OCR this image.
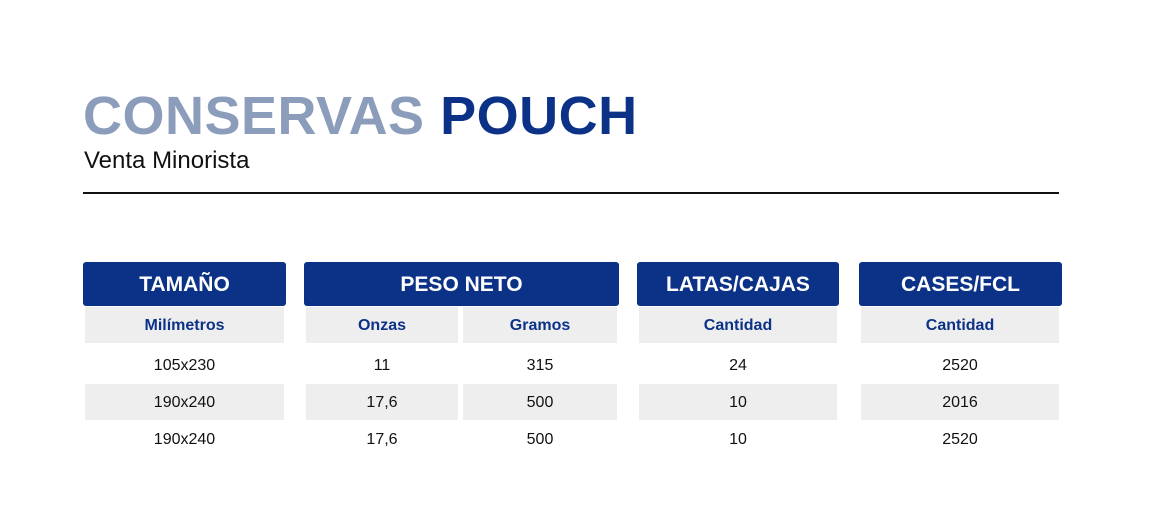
CONSERVAS POUCH

Venta Minorista

TAMAÑO	PESO NETO	LATAS/CAJAS	CASES/FCL
Milímetros	Onzas	Gramos	Cantidad	Cantidad
105x230	11	315	24	2520
190x240	17,6	500	10	2016
190x240	17,6	500	10	2520
